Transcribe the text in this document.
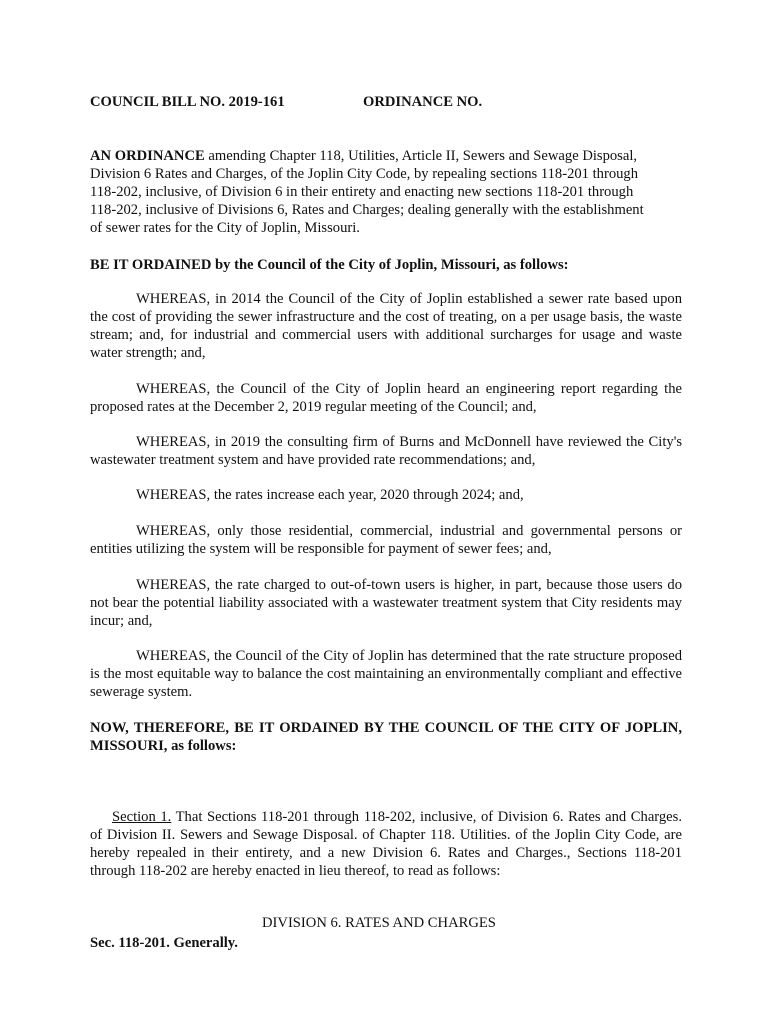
COUNCIL BILL NO. 2019-161	ORDINANCE NO.
AN ORDINANCE amending Chapter 118, Utilities, Article II, Sewers and Sewage Disposal,
Division 6 Rates and Charges, of the Joplin City Code, by repealing sections 118-201 through
118-202, inclusive, of Division 6 in their entirety and enacting new sections 118-201 through
118-202, inclusive of Divisions 6, Rates and Charges; dealing generally with the establishment
of sewer rates for the City of Joplin, Missouri.
BE IT ORDAINED by the Council of the City of Joplin, Missouri, as follows:
WHEREAS, in 2014 the Council of the City of Joplin established a sewer rate based upon the cost of providing the sewer infrastructure and the cost of treating, on a per usage basis, the waste stream; and, for industrial and commercial users with additional surcharges for usage and waste water strength; and,
WHEREAS, the Council of the City of Joplin heard an engineering report regarding the proposed rates at the December 2, 2019 regular meeting of the Council; and,
WHEREAS, in 2019 the consulting firm of Burns and McDonnell have reviewed the City's wastewater treatment system and have provided rate recommendations; and,
WHEREAS, the rates increase each year, 2020 through 2024; and,
WHEREAS, only those residential, commercial, industrial and governmental persons or entities utilizing the system will be responsible for payment of sewer fees; and,
WHEREAS, the rate charged to out-of-town users is higher, in part, because those users do not bear the potential liability associated with a wastewater treatment system that City residents may incur; and,
WHEREAS, the Council of the City of Joplin has determined that the rate structure proposed is the most equitable way to balance the cost maintaining an environmentally compliant and effective sewerage system.
NOW, THEREFORE, BE IT ORDAINED BY THE COUNCIL OF THE CITY OF JOPLIN, MISSOURI, as follows:
Section 1. That Sections 118-201 through 118-202, inclusive, of Division 6. Rates and Charges. of Division II. Sewers and Sewage Disposal. of Chapter 118. Utilities. of the Joplin City Code, are hereby repealed in their entirety, and a new Division 6. Rates and Charges., Sections 118-201 through 118-202 are hereby enacted in lieu thereof, to read as follows:
DIVISION 6. RATES AND CHARGES
Sec. 118-201. Generally.
